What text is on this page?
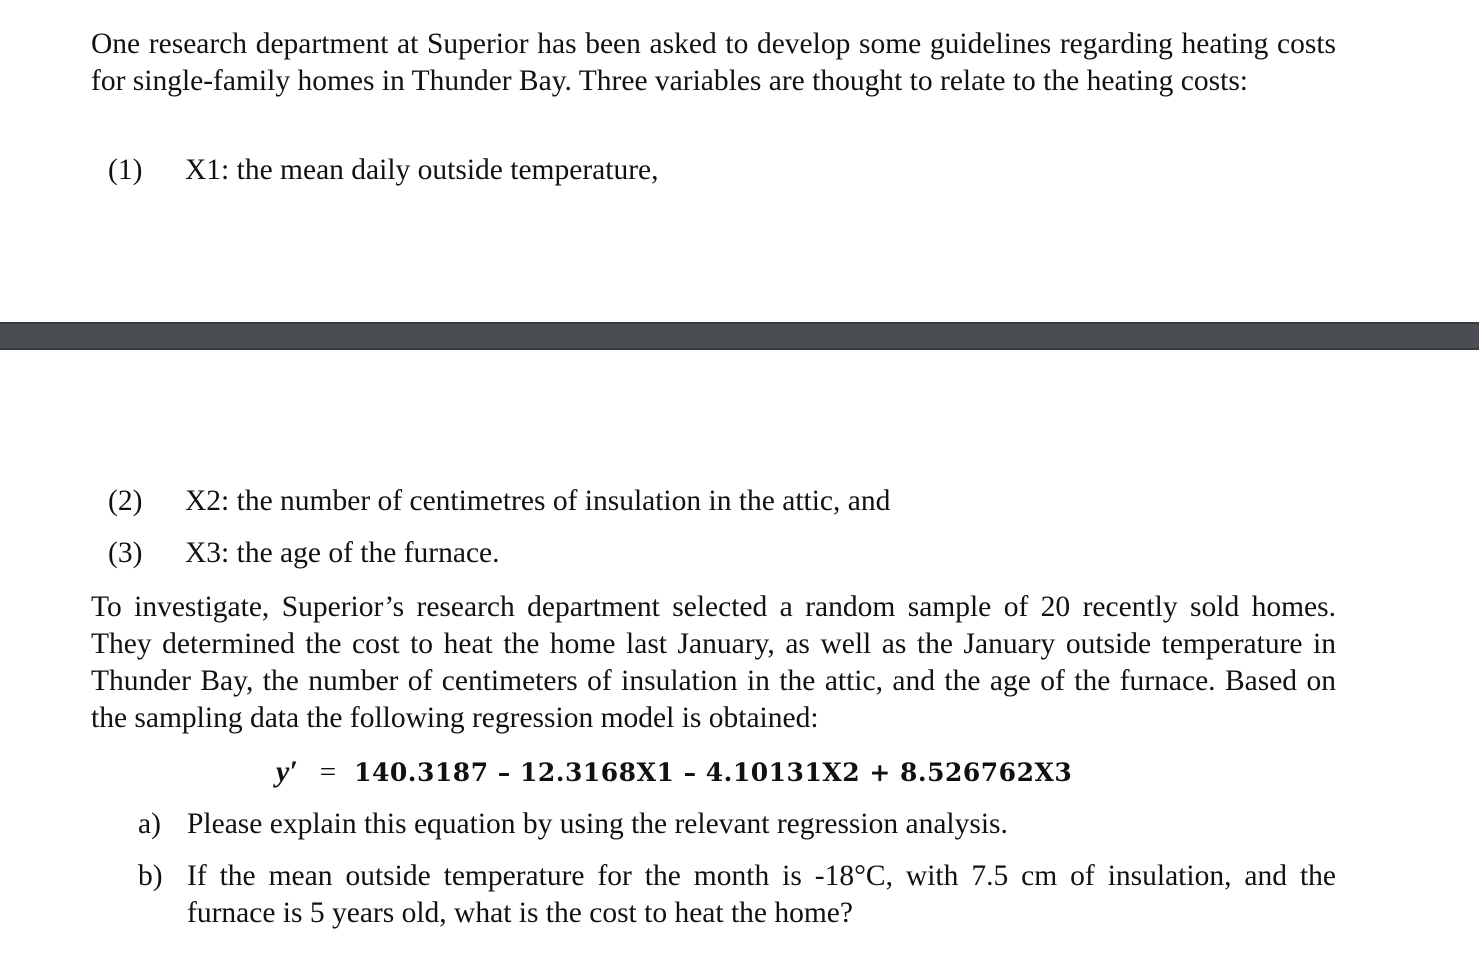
One research department at Superior has been asked to develop some guidelines regarding heating costs for single-family homes in Thunder Bay. Three variables are thought to relate to the heating costs:

(1) X1: the mean daily outside temperature,
(2) X2: the number of centimetres of insulation in the attic, and
(3) X3: the age of the furnace.

To investigate, Superior’s research department selected a random sample of 20 recently sold homes. They determined the cost to heat the home last January, as well as the January outside temperature in Thunder Bay, the number of centimeters of insulation in the attic, and the age of the furnace. Based on the sampling data the following regression model is obtained:

y′ = 140.3187 – 12.3168X1 – 4.10131X2 + 8.526762X3
a) Please explain this equation by using the relevant regression analysis.
b) If the mean outside temperature for the month is -18°C, with 7.5 cm of insulation, and the furnace is 5 years old, what is the cost to heat the home?
